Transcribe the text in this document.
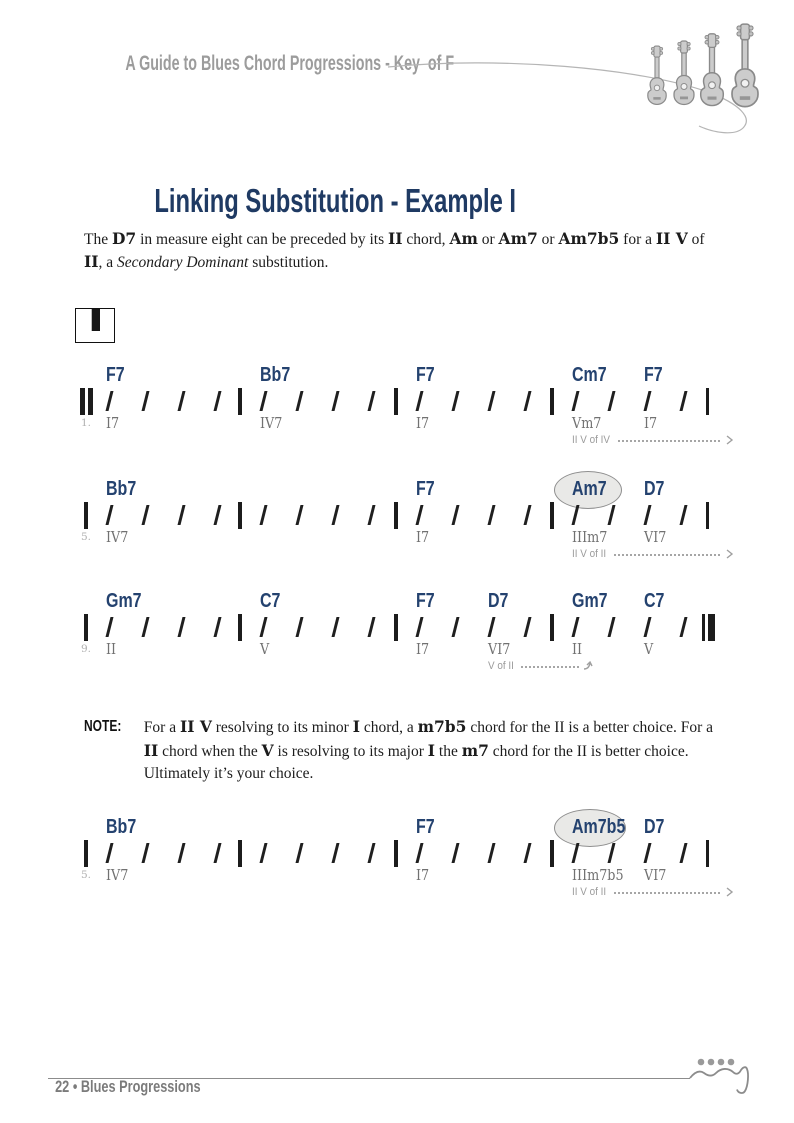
A Guide to Blues Chord Progressions - Key  of F
Linking Substitution - Example I
The D7 in measure eight can be preceded by its II chord, Am or Am7 or Am7b5 for a II V of II, a Secondary Dominant substitution.
F7	Bb7	F7	Cm7 F7
I7	IV7	I7	Vm7	I7
1.
II V of IV
Bb7	F7	Am7 D7
IV7	I7	IIIm7 VI7
5.
II V of II
Gm7	C7	F7	D7	Gm7 C7
II	V	I7	VI7	II	V
9.
V of II
Bb7	F7	Am7b5 D7
IV7	I7	IIIm7b5 VI7
5.
II V of II
NOTE: For a II V resolving to its minor I chord, a m7b5 chord for the II is a better choice. For a II chord when the V is resolving to its major I the m7 chord for the II is better choice. Ultimately it’s your choice.

22 • Blues Progressions
